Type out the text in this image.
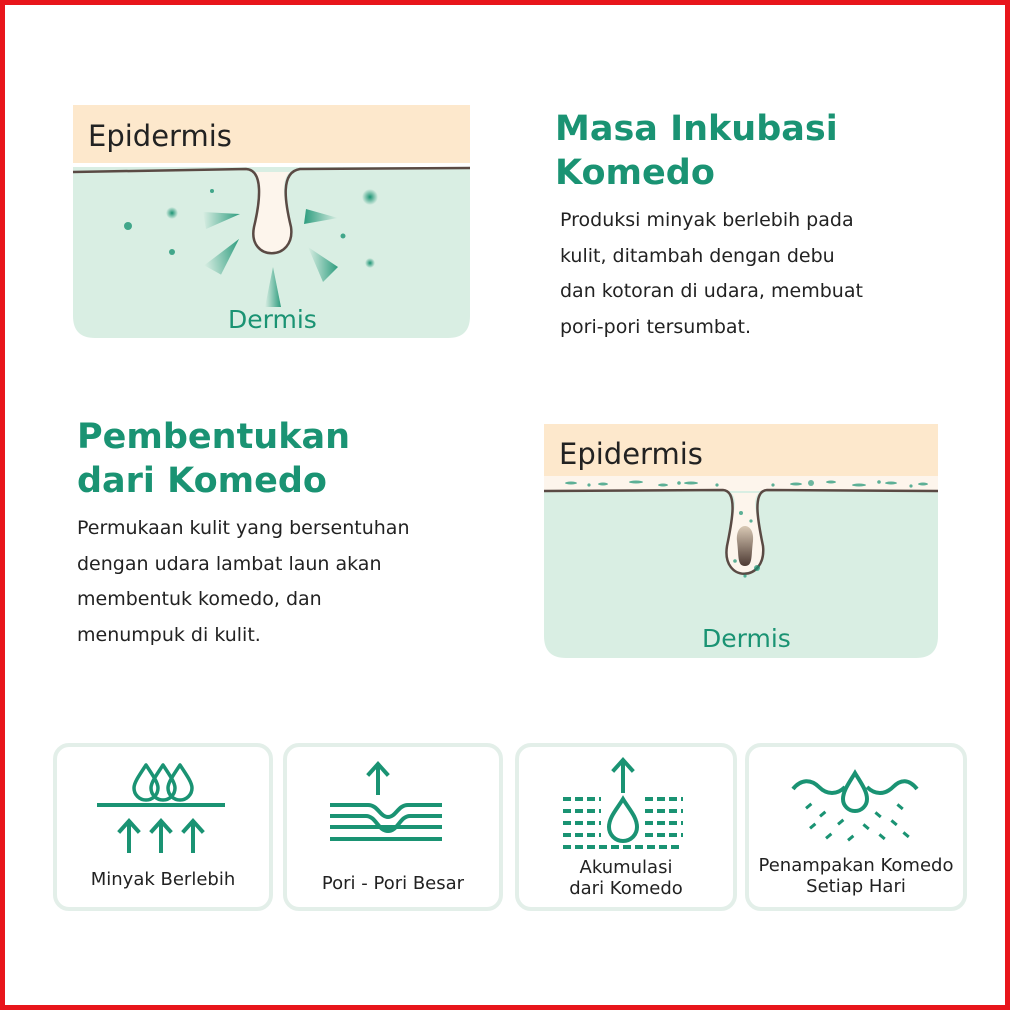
Epidermis
Dermis
Masa Inkubasi
Komedo

Produksi minyak berlebih pada
kulit, ditambah dengan debu
dan kotoran di udara, membuat
pori-pori tersumbat.

Pembentukan
dari Komedo

Permukaan kulit yang bersentuhan
dengan udara lambat laun akan
membentuk komedo, dan
menumpuk di kulit.

Epidermis
Dermis
Minyak Berlebih	Pori - Pori Besar
Akumulasi
dari Komedo
Penampakan Komedo
Setiap Hari
